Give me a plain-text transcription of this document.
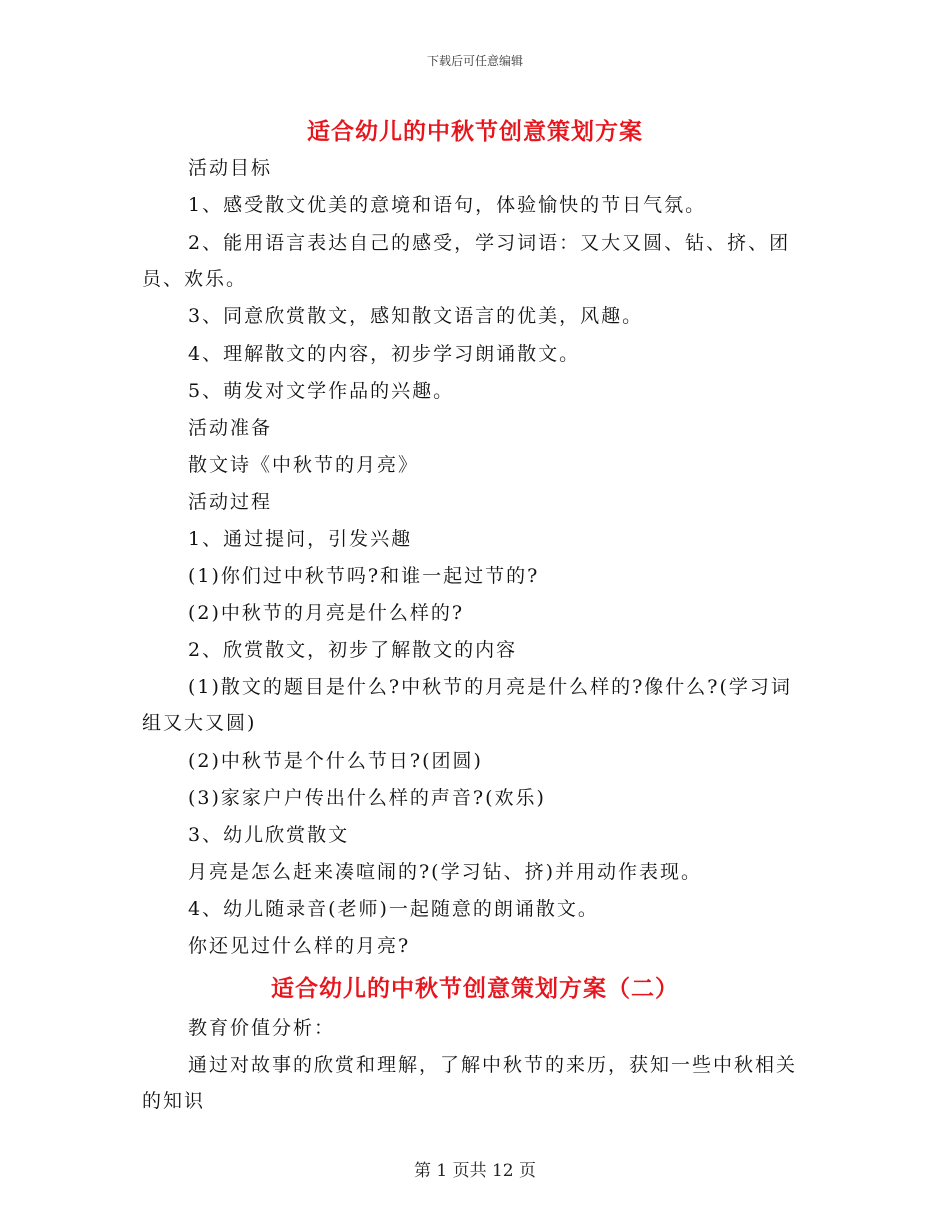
下载后可任意编辑
适合幼儿的中秋节创意策划方案

活动目标

1、感受散文优美的意境和语句，体验愉快的节日气氛。

2、能用语言表达自己的感受，学习词语：又大又圆、钻、挤、团员、欢乐。

3、同意欣赏散文，感知散文语言的优美，风趣。

4、理解散文的内容，初步学习朗诵散文。

5、萌发对文学作品的兴趣。

活动准备

散文诗《中秋节的月亮》

活动过程

1、通过提问，引发兴趣

(1)你们过中秋节吗?和谁一起过节的?

(2)中秋节的月亮是什么样的?

2、欣赏散文，初步了解散文的内容

(1)散文的题目是什么?中秋节的月亮是什么样的?像什么?(学习词组又大又圆)

(2)中秋节是个什么节日?(团圆)

(3)家家户户传出什么样的声音?(欢乐)

3、幼儿欣赏散文

月亮是怎么赶来凑喧闹的?(学习钻、挤)并用动作表现。

4、幼儿随录音(老师)一起随意的朗诵散文。

你还见过什么样的月亮?

适合幼儿的中秋节创意策划方案（二）

教育价值分析：

通过对故事的欣赏和理解，了解中秋节的来历，获知一些中秋相关的知识

第 1 页共 12 页
